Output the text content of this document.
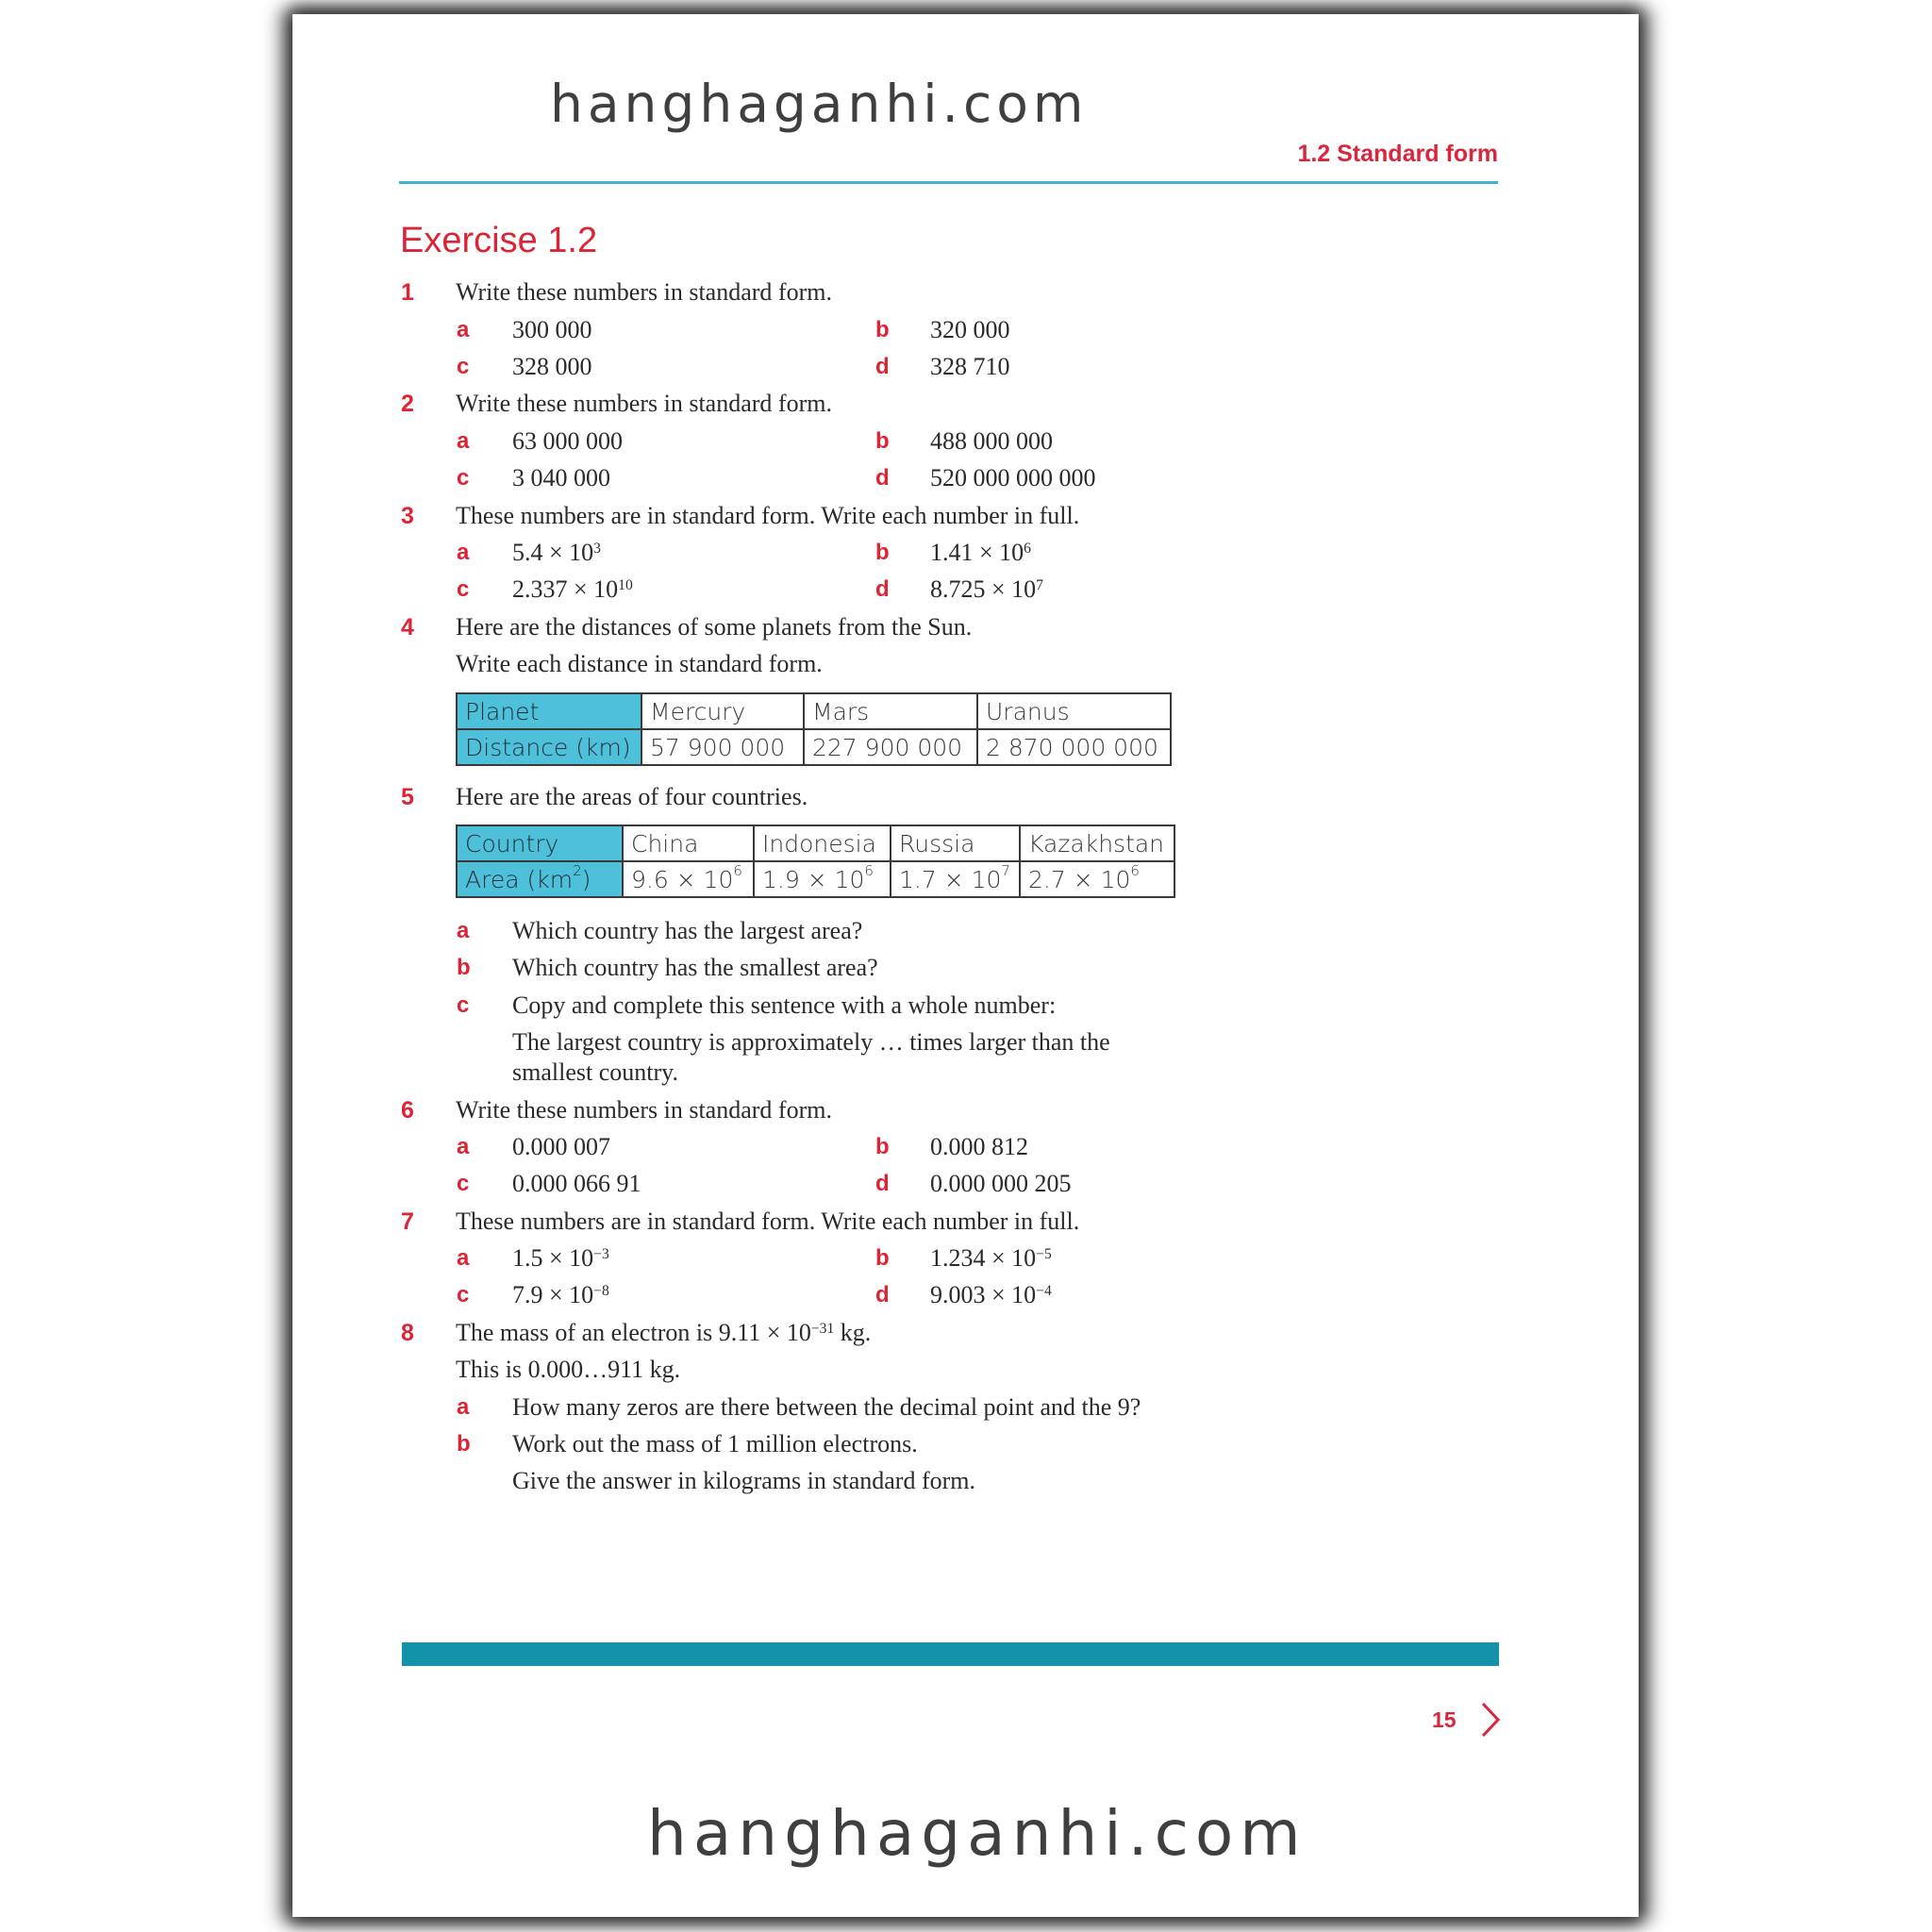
hanghaganhi.com
1.2 Standard form
Exercise 1.2
1 Write these numbers in standard form.
a 300 000	b 320 000
c 328 000	d 328 710
2 Write these numbers in standard form.
a 63 000 000	b 488 000 000
c 3 040 000	d 520 000 000 000
3 These numbers are in standard form. Write each number in full.
a $5.4 \times 10^3$	b $1.41 \times 10^6$
c $2.337 \times 10^{10}$	d $8.725 \times 10^7$
4 Here are the distances of some planets from the Sun.
Write each distance in standard form.
Planet	Mercury	Mars	Uranus
Distance (km)	57 900 000	227 900 000	2 870 000 000
5 Here are the areas of four countries.
Country	China	Indonesia	Russia	Kazakhstan
Area $(km^2)$	$9.6 \times 10^6$	$1.9 \times 10^6$	$1.7 \times 10^7$	$2.7 \times 10^6$
a Which country has the largest area?
b Which country has the smallest area?
c Copy and complete this sentence with a whole number:
The largest country is approximately … times larger than the
smallest country.
6 Write these numbers in standard form.
a 0.000 007	b 0.000 812
c 0.000 066 91	d 0.000 000 205
7 These numbers are in standard form. Write each number in full.
a $1.5 \times 10^{-3}$	b $1.234 \times 10^{-5}$
c $7.9 \times 10^{-8}$	d $9.003 \times 10^{-4}$
8 The mass of an electron is $9.11 \times 10^{-31}$ kg.
This is 0.000…911 kg.
a How many zeros are there between the decimal point and the 9?
b Work out the mass of 1 million electrons.
Give the answer in kilograms in standard form.
15
hanghaganhi.com
